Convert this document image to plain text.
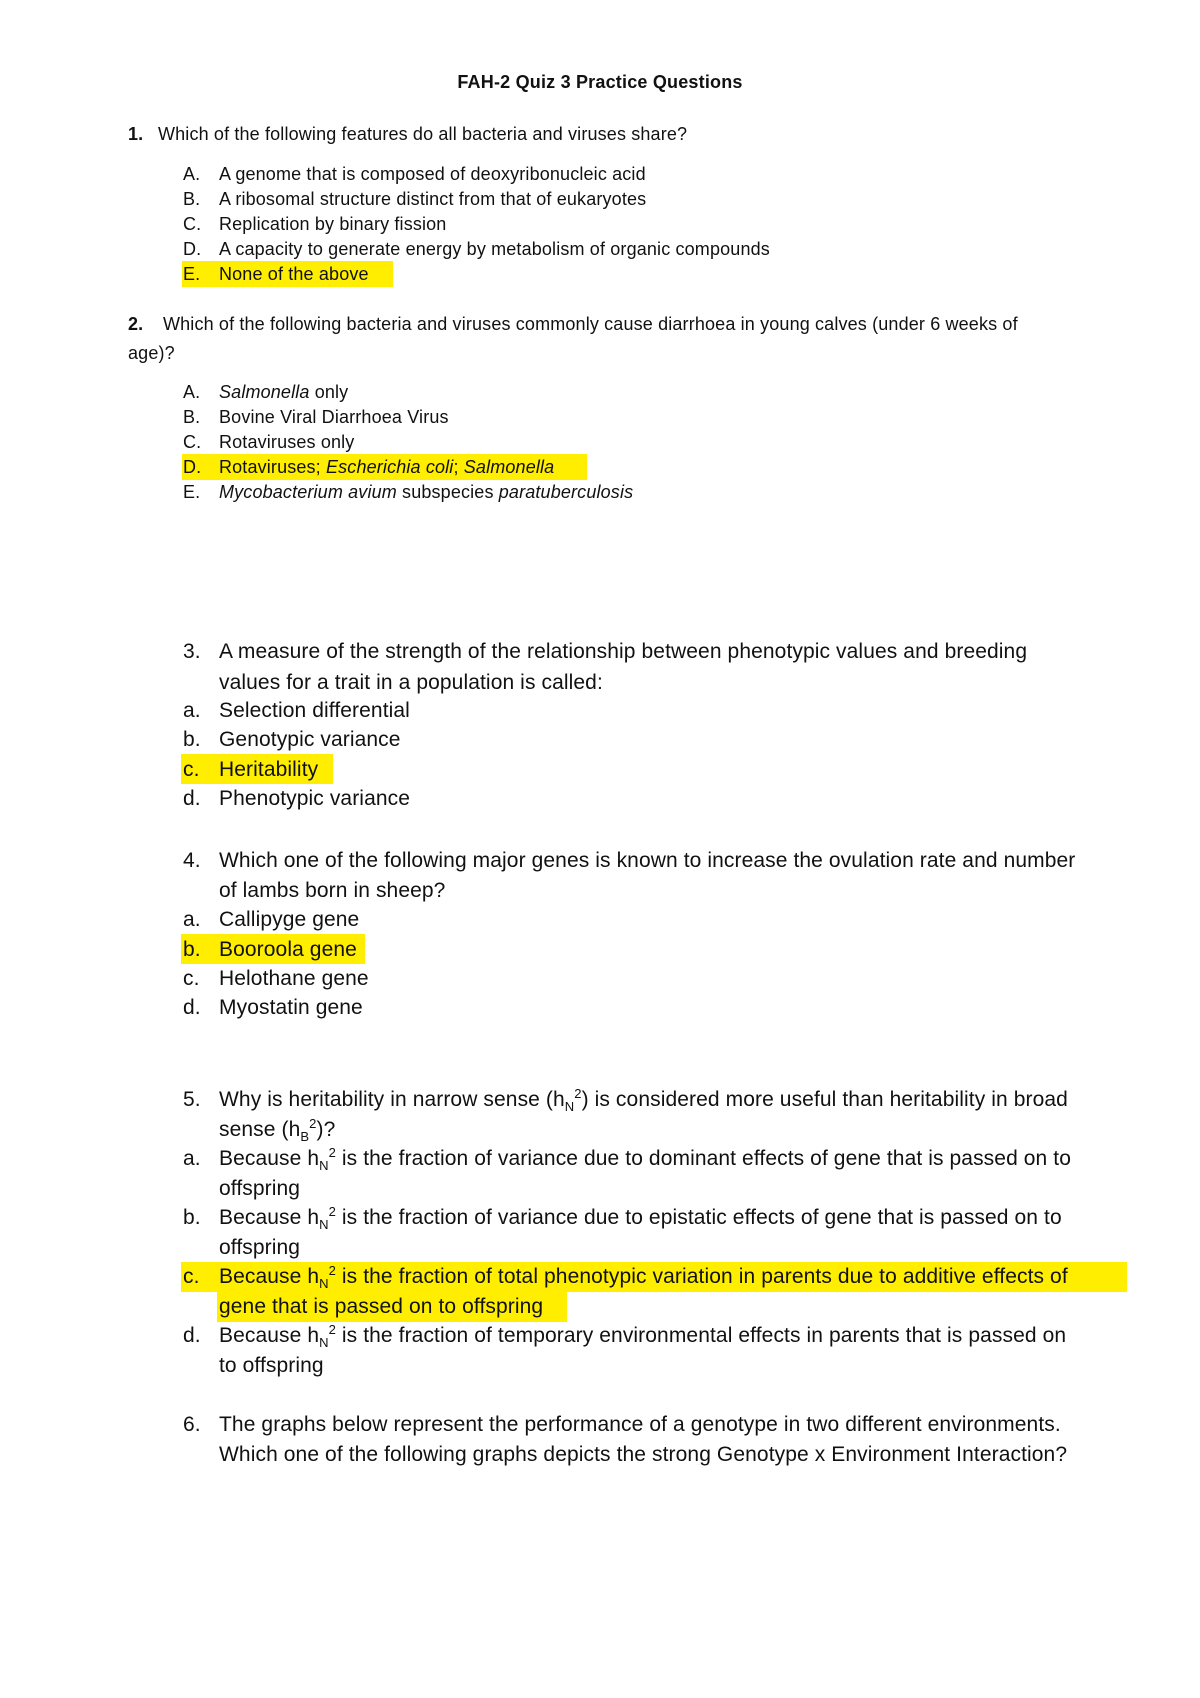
FAH-2 Quiz 3 Practice Questions
1. Which of the following features do all bacteria and viruses share?
A. A genome that is composed of deoxyribonucleic acid
B. A ribosomal structure distinct from that of eukaryotes
C. Replication by binary fission
D. A capacity to generate energy by metabolism of organic compounds
E. None of the above
2. Which of the following bacteria and viruses commonly cause diarrhoea in young calves (under 6 weeks of
age)?
A. Salmonella only
B. Bovine Viral Diarrhoea Virus
C. Rotaviruses only
D. Rotaviruses; Escherichia coli; Salmonella
E. Mycobacterium avium subspecies paratuberculosis
3. A measure of the strength of the relationship between phenotypic values and breeding
values for a trait in a population is called:
a. Selection differential
b. Genotypic variance
c. Heritability
d. Phenotypic variance
4. Which one of the following major genes is known to increase the ovulation rate and number
of lambs born in sheep?
a. Callipyge gene
b. Booroola gene
c. Helothane gene
d. Myostatin gene
5. Why is heritability in narrow sense $(h_N^2)$ is considered more useful than heritability in broad
sense $(h_B^2)$?
a. Because $h_N^2$ is the fraction of variance due to dominant effects of gene that is passed on to
offspring
b. Because $h_N^2$ is the fraction of variance due to epistatic effects of gene that is passed on to
offspring
c. Because $h_N^2$ is the fraction of total phenotypic variation in parents due to additive effects of
gene that is passed on to offspring
d. Because $h_N^2$ is the fraction of temporary environmental effects in parents that is passed on
to offspring
6. The graphs below represent the performance of a genotype in two different environments.
Which one of the following graphs depicts the strong Genotype x Environment Interaction?
